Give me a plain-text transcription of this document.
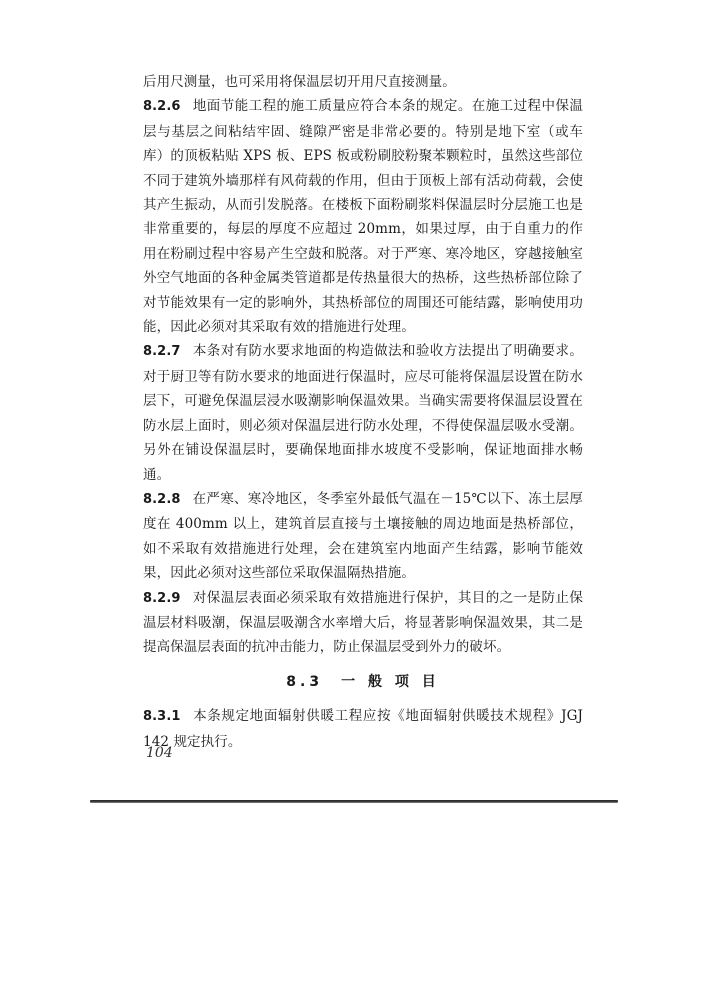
后用尺测量，也可采用将保温层切开用尺直接测量。

8.2.6 地面节能工程的施工质量应符合本条的规定。在施工过程中保温层与基层之间粘结牢固、缝隙严密是非常必要的。特别是地下室（或车库）的顶板粘贴 XPS 板、EPS 板或粉刷胶粉聚苯颗粒时，虽然这些部位不同于建筑外墙那样有风荷载的作用，但由于顶板上部有活动荷载，会使其产生振动，从而引发脱落。在楼板下面粉刷浆料保温层时分层施工也是非常重要的，每层的厚度不应超过 20mm，如果过厚，由于自重力的作用在粉刷过程中容易产生空鼓和脱落。对于严寒、寒冷地区，穿越接触室外空气地面的各种金属类管道都是传热量很大的热桥，这些热桥部位除了对节能效果有一定的影响外，其热桥部位的周围还可能结露，影响使用功能，因此必须对其采取有效的措施进行处理。

8.2.7 本条对有防水要求地面的构造做法和验收方法提出了明确要求。对于厨卫等有防水要求的地面进行保温时，应尽可能将保温层设置在防水层下，可避免保温层浸水吸潮影响保温效果。当确实需要将保温层设置在防水层上面时，则必须对保温层进行防水处理，不得使保温层吸水受潮。另外在铺设保温层时，要确保地面排水坡度不受影响，保证地面排水畅通。

8.2.8 在严寒、寒冷地区，冬季室外最低气温在－15℃以下、冻土层厚度在 400mm 以上，建筑首层直接与土壤接触的周边地面是热桥部位，如不采取有效措施进行处理，会在建筑室内地面产生结露，影响节能效果，因此必须对这些部位采取保温隔热措施。

8.2.9 对保温层表面必须采取有效措施进行保护，其目的之一是防止保温层材料吸潮，保温层吸潮含水率增大后，将显著影响保温效果，其二是提高保温层表面的抗冲击能力，防止保温层受到外力的破坏。

8.3　一 般 项 目

8.3.1 本条规定地面辐射供暖工程应按《地面辐射供暖技术规程》JGJ 142 规定执行。

104
